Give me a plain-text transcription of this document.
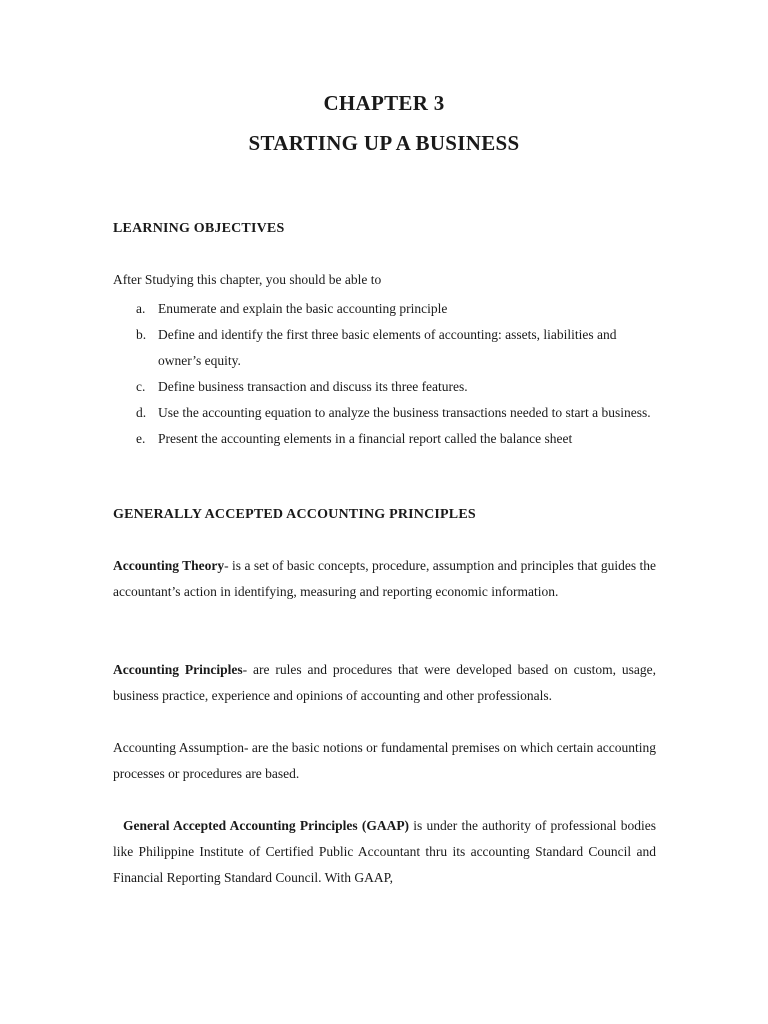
CHAPTER 3
STARTING UP A BUSINESS
LEARNING OBJECTIVES
After Studying this chapter, you should be able to
a. Enumerate and explain the basic accounting principle
b. Define and identify the first three basic elements of accounting: assets, liabilities and owner’s equity.
c. Define business transaction and discuss its three features.
d. Use the accounting equation to analyze the business transactions needed to start a business.
e. Present the accounting elements in a financial report called the balance sheet
GENERALLY ACCEPTED ACCOUNTING PRINCIPLES

Accounting Theory- is a set of basic concepts, procedure, assumption and principles that guides the accountant’s action in identifying, measuring and reporting economic information.

Accounting Principles- are rules and procedures that were developed based on custom, usage, business practice, experience and opinions of accounting and other professionals.

Accounting Assumption- are the basic notions or fundamental premises on which certain accounting processes or procedures are based.

General Accepted Accounting Principles (GAAP) is under the authority of professional bodies like Philippine Institute of Certified Public Accountant thru its accounting Standard Council and Financial Reporting Standard Council. With GAAP,
